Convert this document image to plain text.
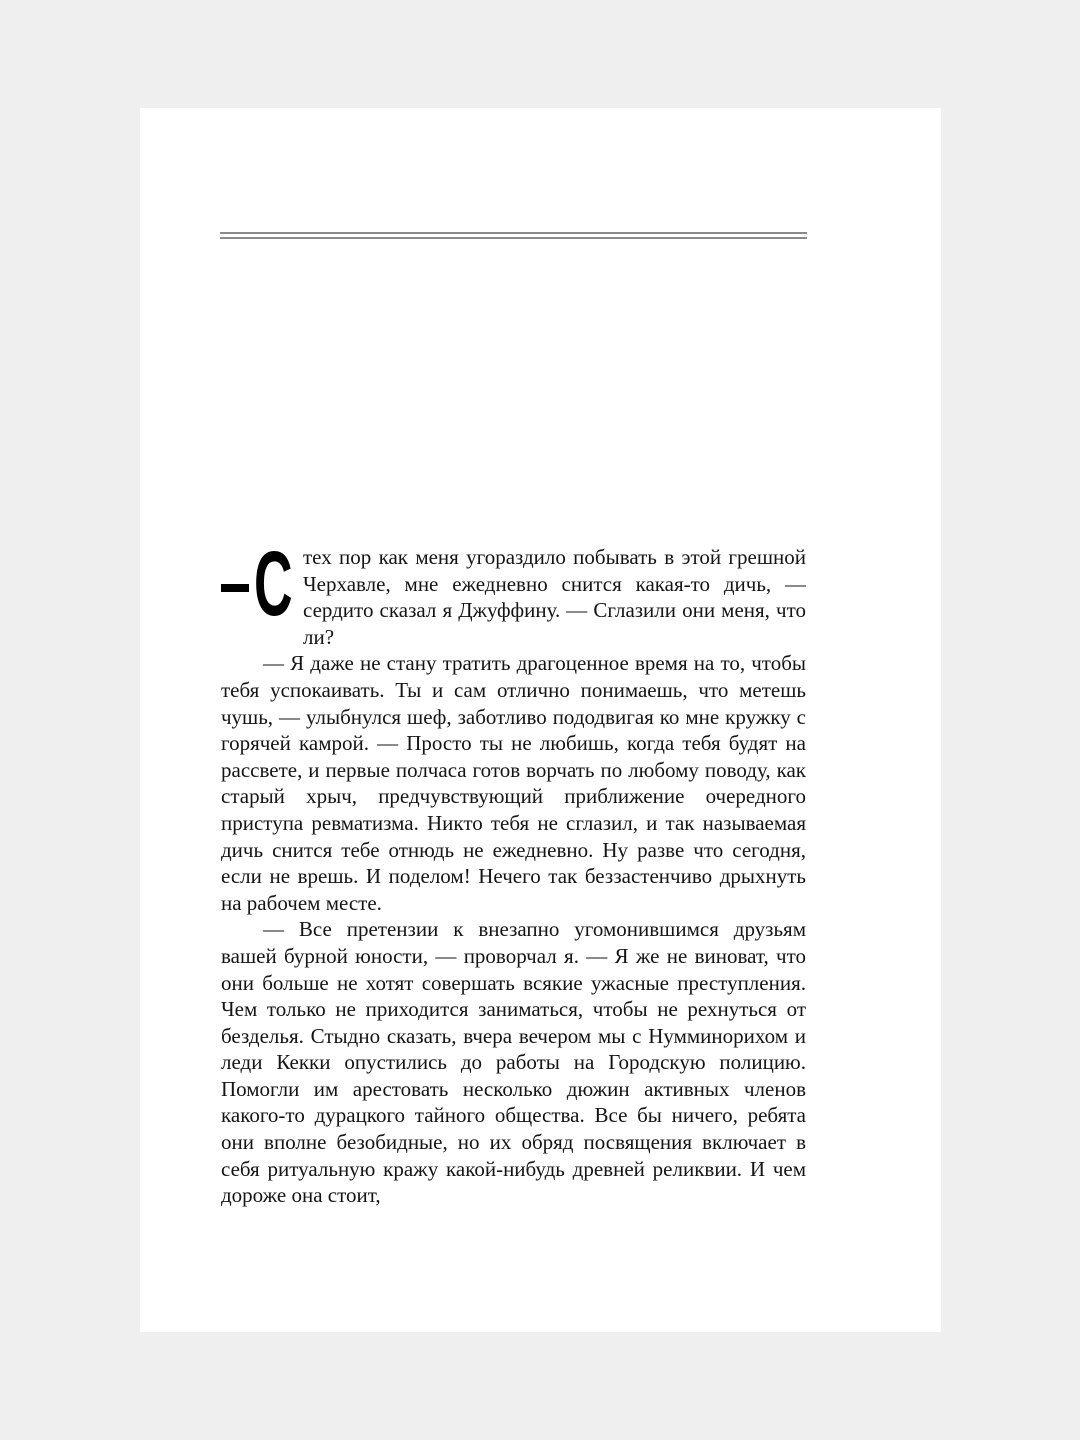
С тех пор как меня угораздило побывать в этой грешной Черхавле, мне ежедневно снится какая-то дичь, — сердито сказал я Джуффину. — Сглазили они меня, что ли?

— Я даже не стану тратить драгоценное время на то, чтобы тебя успокаивать. Ты и сам отлично понимаешь, что метешь чушь, — улыбнулся шеф, заботливо пододвигая ко мне кружку с горячей камрой. — Просто ты не любишь, когда тебя будят на рассвете, и первые полчаса готов ворчать по любому поводу, как старый хрыч, предчувствующий приближение очередного приступа ревматизма. Никто тебя не сглазил, и так называемая дичь снится тебе отнюдь не ежедневно. Ну разве что сегодня, если не врешь. И поделом! Нечего так беззастенчиво дрыхнуть на рабочем месте.

— Все претензии к внезапно угомонившимся друзьям вашей бурной юности, — проворчал я. — Я же не виноват, что они больше не хотят совершать всякие ужасные преступления. Чем только не приходится заниматься, чтобы не рехнуться от безделья. Стыдно сказать, вчера вечером мы с Нумминорихом и леди Кекки опустились до работы на Городскую полицию. Помогли им арестовать несколько дюжин активных членов какого-то дурацкого тайного общества. Все бы ничего, ребята они вполне безобидные, но их обряд посвящения включает в себя ритуальную кражу какой-нибудь древней реликвии. И чем дороже она стоит,
